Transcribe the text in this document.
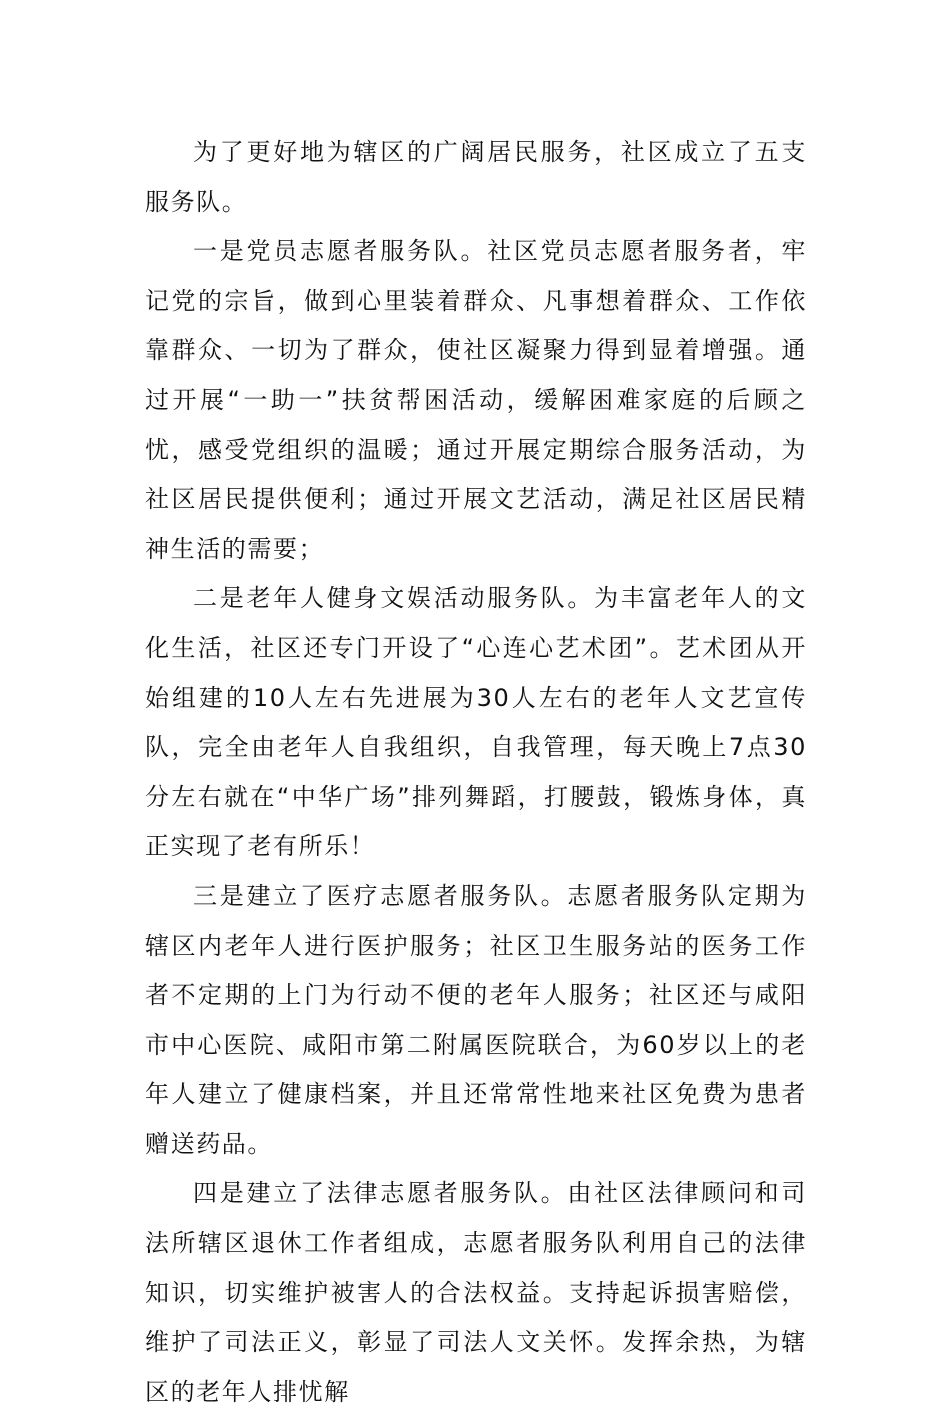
为了更好地为辖区的广阔居民服务，社区成立了五支服务队。

一是党员志愿者服务队。社区党员志愿者服务者，牢记党的宗旨，做到心里装着群众、凡事想着群众、工作依靠群众、一切为了群众，使社区凝聚力得到显着增强。通过开展“一助一”扶贫帮困活动，缓解困难家庭的后顾之忧，感受党组织的温暖；通过开展定期综合服务活动，为社区居民提供便利；通过开展文艺活动，满足社区居民精神生活的需要；

二是老年人健身文娱活动服务队。为丰富老年人的文化生活，社区还专门开设了“心连心艺术团”。艺术团从开始组建的10人左右先进展为30人左右的老年人文艺宣传队，完全由老年人自我组织，自我管理，每天晚上7点30分左右就在“中华广场”排列舞蹈，打腰鼓，锻炼身体，真正实现了老有所乐！

三是建立了医疗志愿者服务队。志愿者服务队定期为辖区内老年人进行医护服务；社区卫生服务站的医务工作者不定期的上门为行动不便的老年人服务；社区还与咸阳市中心医院、咸阳市第二附属医院联合，为60岁以上的老年人建立了健康档案，并且还常常性地来社区免费为患者赠送药品。

四是建立了法律志愿者服务队。由社区法律顾问和司法所辖区退休工作者组成，志愿者服务队利用自己的法律知识，切实维护被害人的合法权益。支持起诉损害赔偿，维护了司法正义，彰显了司法人文关怀。发挥余热，为辖区的老年人排忧解
